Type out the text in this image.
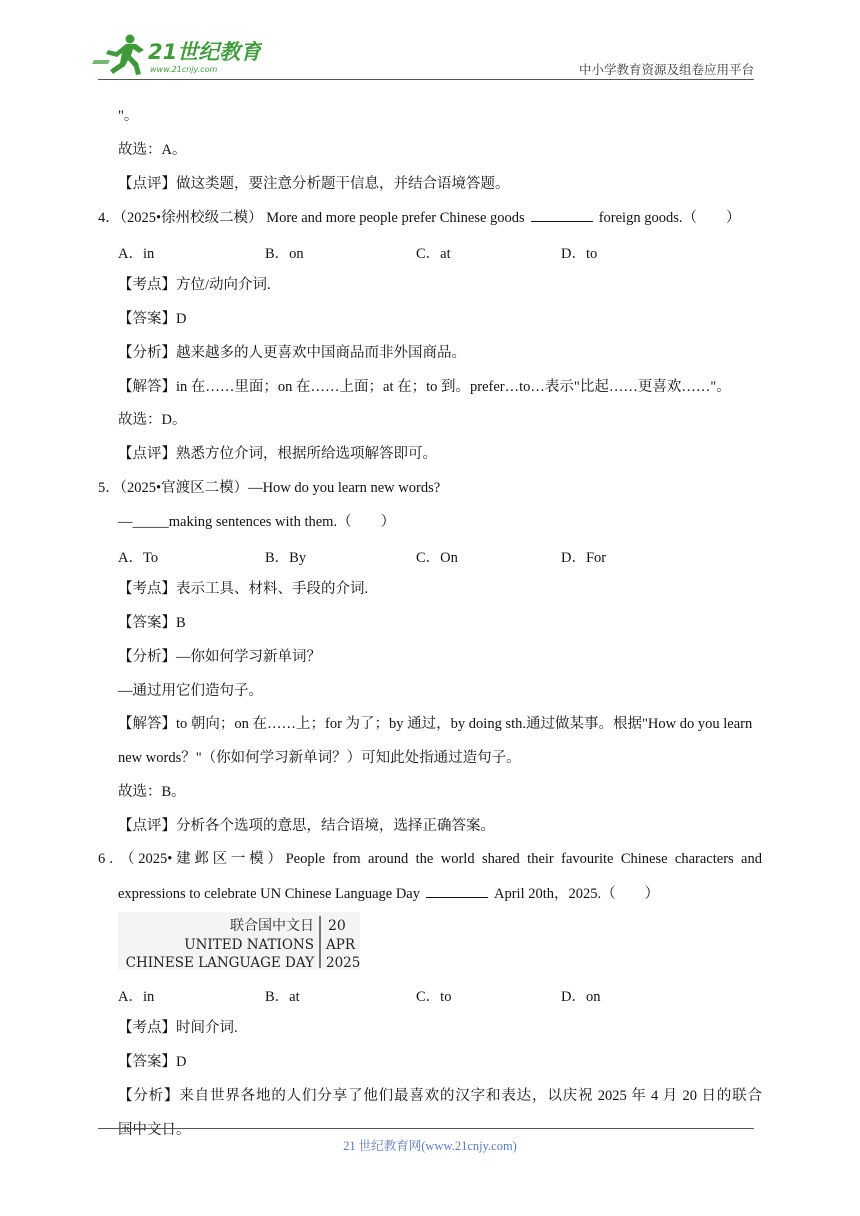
21世纪教育
www.21cnjy.com	中小学教育资源及组卷应用平台
"。
故选：A。
【点评】做这类题，要注意分析题干信息，并结合语境答题。
4．（2025•徐州校级二模） More and more people prefer Chinese goods	foreign goods.（　　）
A．in	B．on	C．at	D．to
【考点】方位/动向介词.
【答案】D
【分析】越来越多的人更喜欢中国商品而非外国商品。
【解答】in 在……里面；on 在……上面；at 在；to 到。prefer…to…表示"比起……更喜欢……"。
故选：D。
【点评】熟悉方位介词，根据所给选项解答即可。
5．（2025•官渡区二模）—How do you learn new words?
—_____making sentences with them.（　　）
A．To	B．By	C．On	D．For
【考点】表示工具、材料、手段的介词.
【答案】B
【分析】—你如何学习新单词？
—通过用它们造句子。
【解答】to 朝向；on 在……上；for 为了；by 通过，by doing sth.通过做某事。根据"How do you learn
new words？"（你如何学习新单词？）可知此处指通过造句子。
故选：B。
【点评】分析各个选项的意思，结合语境，选择正确答案。
6．（2025•建邺区一模）People from around the world shared their favourite Chinese characters and
expressions to celebrate UN Chinese Language Day	April 20th，2025.（　　）
联合国中文日
UNITED NATIONS
CHINESE LANGUAGE DAY
20
APR
2025
A．in	B．at	C．to	D．on
【考点】时间介词.
【答案】D
【分析】来自世界各地的人们分享了他们最喜欢的汉字和表达，以庆祝 2025 年 4 月 20 日的联合
国中文日。
21 世纪教育网(www.21cnjy.com)
